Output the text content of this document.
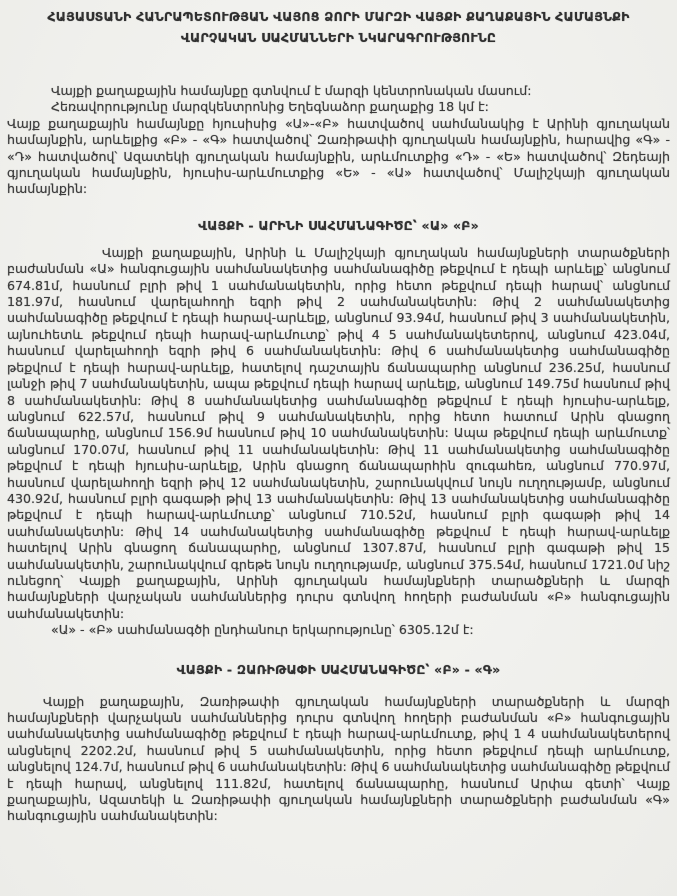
ՀԱՅԱՍՏԱՆԻ ՀԱՆՐԱՊԵՏՈՒԹՅԱՆ ՎԱՅՈՑ ՁՈՐԻ ՄԱՐԶԻ ՎԱՅՔԻ ՔԱՂԱՔԱՅԻՆ ՀԱՄԱՅՆՔԻ
ՎԱՐՉԱԿԱՆ ՍԱՀՄԱՆՆԵՐԻ ՆԿԱՐԱԳՐՈՒԹՅՈՒՆԸ

Վայքի քաղաքային համայնքը գտնվում է մարզի կենտրոնական մասում:

Հեռավորությունը մարզկենտրոնից Եղեգնաձոր քաղաքից 18 կմ է:

Վայք քաղաքային համայնքը հյուսիսից «Ա»-«Բ» հատվածով սահմանակից է Արինի գյուղական համայնքին, արևելքից «Բ» - «Գ» հատվածով՝ Զառիթափի գյուղական համայնքին, հարավից «Գ» - «Դ» հատվածով՝ Ազատեկի գյուղական համայնքին, արևմուտքից «Դ» - «Ե» հատվածով՝ Զեդեայի գյուղական համայնքին, հյուսիս-արևմուտքից «Ե» - «Ա» հատվածով՝ Մալիշկայի գյուղական համայնքին:

ՎԱՅՔԻ - ԱՐԻՆԻ ՍԱՀՄԱՆԱԳԻԾԸ՝ «Ա» «Բ»

Վայքի քաղաքային, Արինի և Մալիշկայի գյուղական համայնքների տարածքների բաժանման «Ա» հանգուցային սահմանակետից սահմանագիծը թեքվում է դեպի արևելք՝ անցնում 674.81մ, հասնում բլրի թիվ 1 սահմանակետին, որից հետո թեքվում դեպի հարավ՝ անցնում 181.97մ, հասնում վարելահողի եզրի թիվ 2 սահմանակետին: Թիվ 2 սահմանակետից սահմանագիծը թեքվում է դեպի հարավ-արևելք, անցնում 93.94մ, հասնում թիվ 3 սահմանակետին, այնուհետև թեքվում դեպի հարավ-արևմուտք՝ թիվ 4 5 սահմանակետերով, անցնում 423.04մ, հասնում վարելահողի եզրի թիվ 6 սահմանակետին: Թիվ 6 սահմանակետից սահմանագիծը թեքվում է դեպի հարավ-արևելք, հատելով դաշտային ճանապարհը անցնում 236.25մ, հասնում լանջի թիվ 7 սահմանակետին, ապա թեքվում դեպի հարավ արևելք, անցնում 149.75մ հասնում թիվ 8 սահմանակետին: Թիվ 8 սահմանակետից սահմանագիծը թեքվում է դեպի հյուսիս-արևելք, անցնում 622.57մ, հասնում թիվ 9 սահմանակետին, որից հետո հատում Արին գնացող ճանապարհը, անցնում 156.9մ հասնում թիվ 10 սահմանակետին: Ապա թեքվում դեպի արևմուտք՝ անցնում 170.07մ, հասնում թիվ 11 սահմանակետին: Թիվ 11 սահմանակետից սահմանագիծը թեքվում է դեպի հյուսիս-արևելք, Արին գնացող ճանապարհին զուգահեռ, անցնում 770.97մ, հասնում վարելահողի եզրի թիվ 12 սահմանակետին, շարունակվում նույն ուղղությամբ, անցնում 430.92մ, հասնում բլրի գագաթի թիվ 13 սահմանակետին: Թիվ 13 սահմանակետից սահմանագիծը թեքվում է դեպի հարավ-արևմուտք՝ անցնում 710.52մ, հասնում բլրի գագաթի թիվ 14 սահմանակետին: Թիվ 14 սահմանակետից սահմանագիծը թեքվում է դեպի հարավ-արևելք հատելով Արին գնացող ճանապարհը, անցնում 1307.87մ, հասնում բլրի գագաթի թիվ 15 սահմանակետին, շարունակվում գրեթե նույն ուղղությամբ, անցնում 375.54մ, հասնում 1721.0մ նիշ ունեցող՝ Վայքի քաղաքային, Արինի գյուղական համայնքների տարածքների և մարզի համայնքների վարչական սահմաններից դուրս գտնվող հողերի բաժանման «Բ» հանգուցային սահմանակետին:

«Ա» - «Բ» սահմանագծի ընդհանուր երկարությունը՝ 6305.12մ է:

ՎԱՅՔԻ - ԶԱՌԻԹԱՓԻ ՍԱՀՄԱՆԱԳԻԾԸ՝ «Բ» - «Գ»

Վայքի քաղաքային, Զառիթափի գյուղական համայնքների տարածքների և մարզի համայնքների վարչական սահմաններից դուրս գտնվող հողերի բաժանման «Բ» հանգուցային սահմանակետից սահմանագիծը թեքվում է դեպի հարավ-արևմուտք, թիվ 1 4 սահմանակետերով անցնելով 2202.2մ, հասնում թիվ 5 սահմանակետին, որից հետո թեքվում դեպի արևմուտք, անցնելով 124.7մ, հասնում թիվ 6 սահմանակետին: Թիվ 6 սահմանակետից սահմանագիծը թեքվում է դեպի հարավ, անցնելով 111.82մ, հատելով ճանապարհը, հասնում Արփա գետի՝ Վայք քաղաքային, Ազատեկի և Զառիթափի գյուղական համայնքների տարածքների բաժանման «Գ» հանգուցային սահմանակետին:
